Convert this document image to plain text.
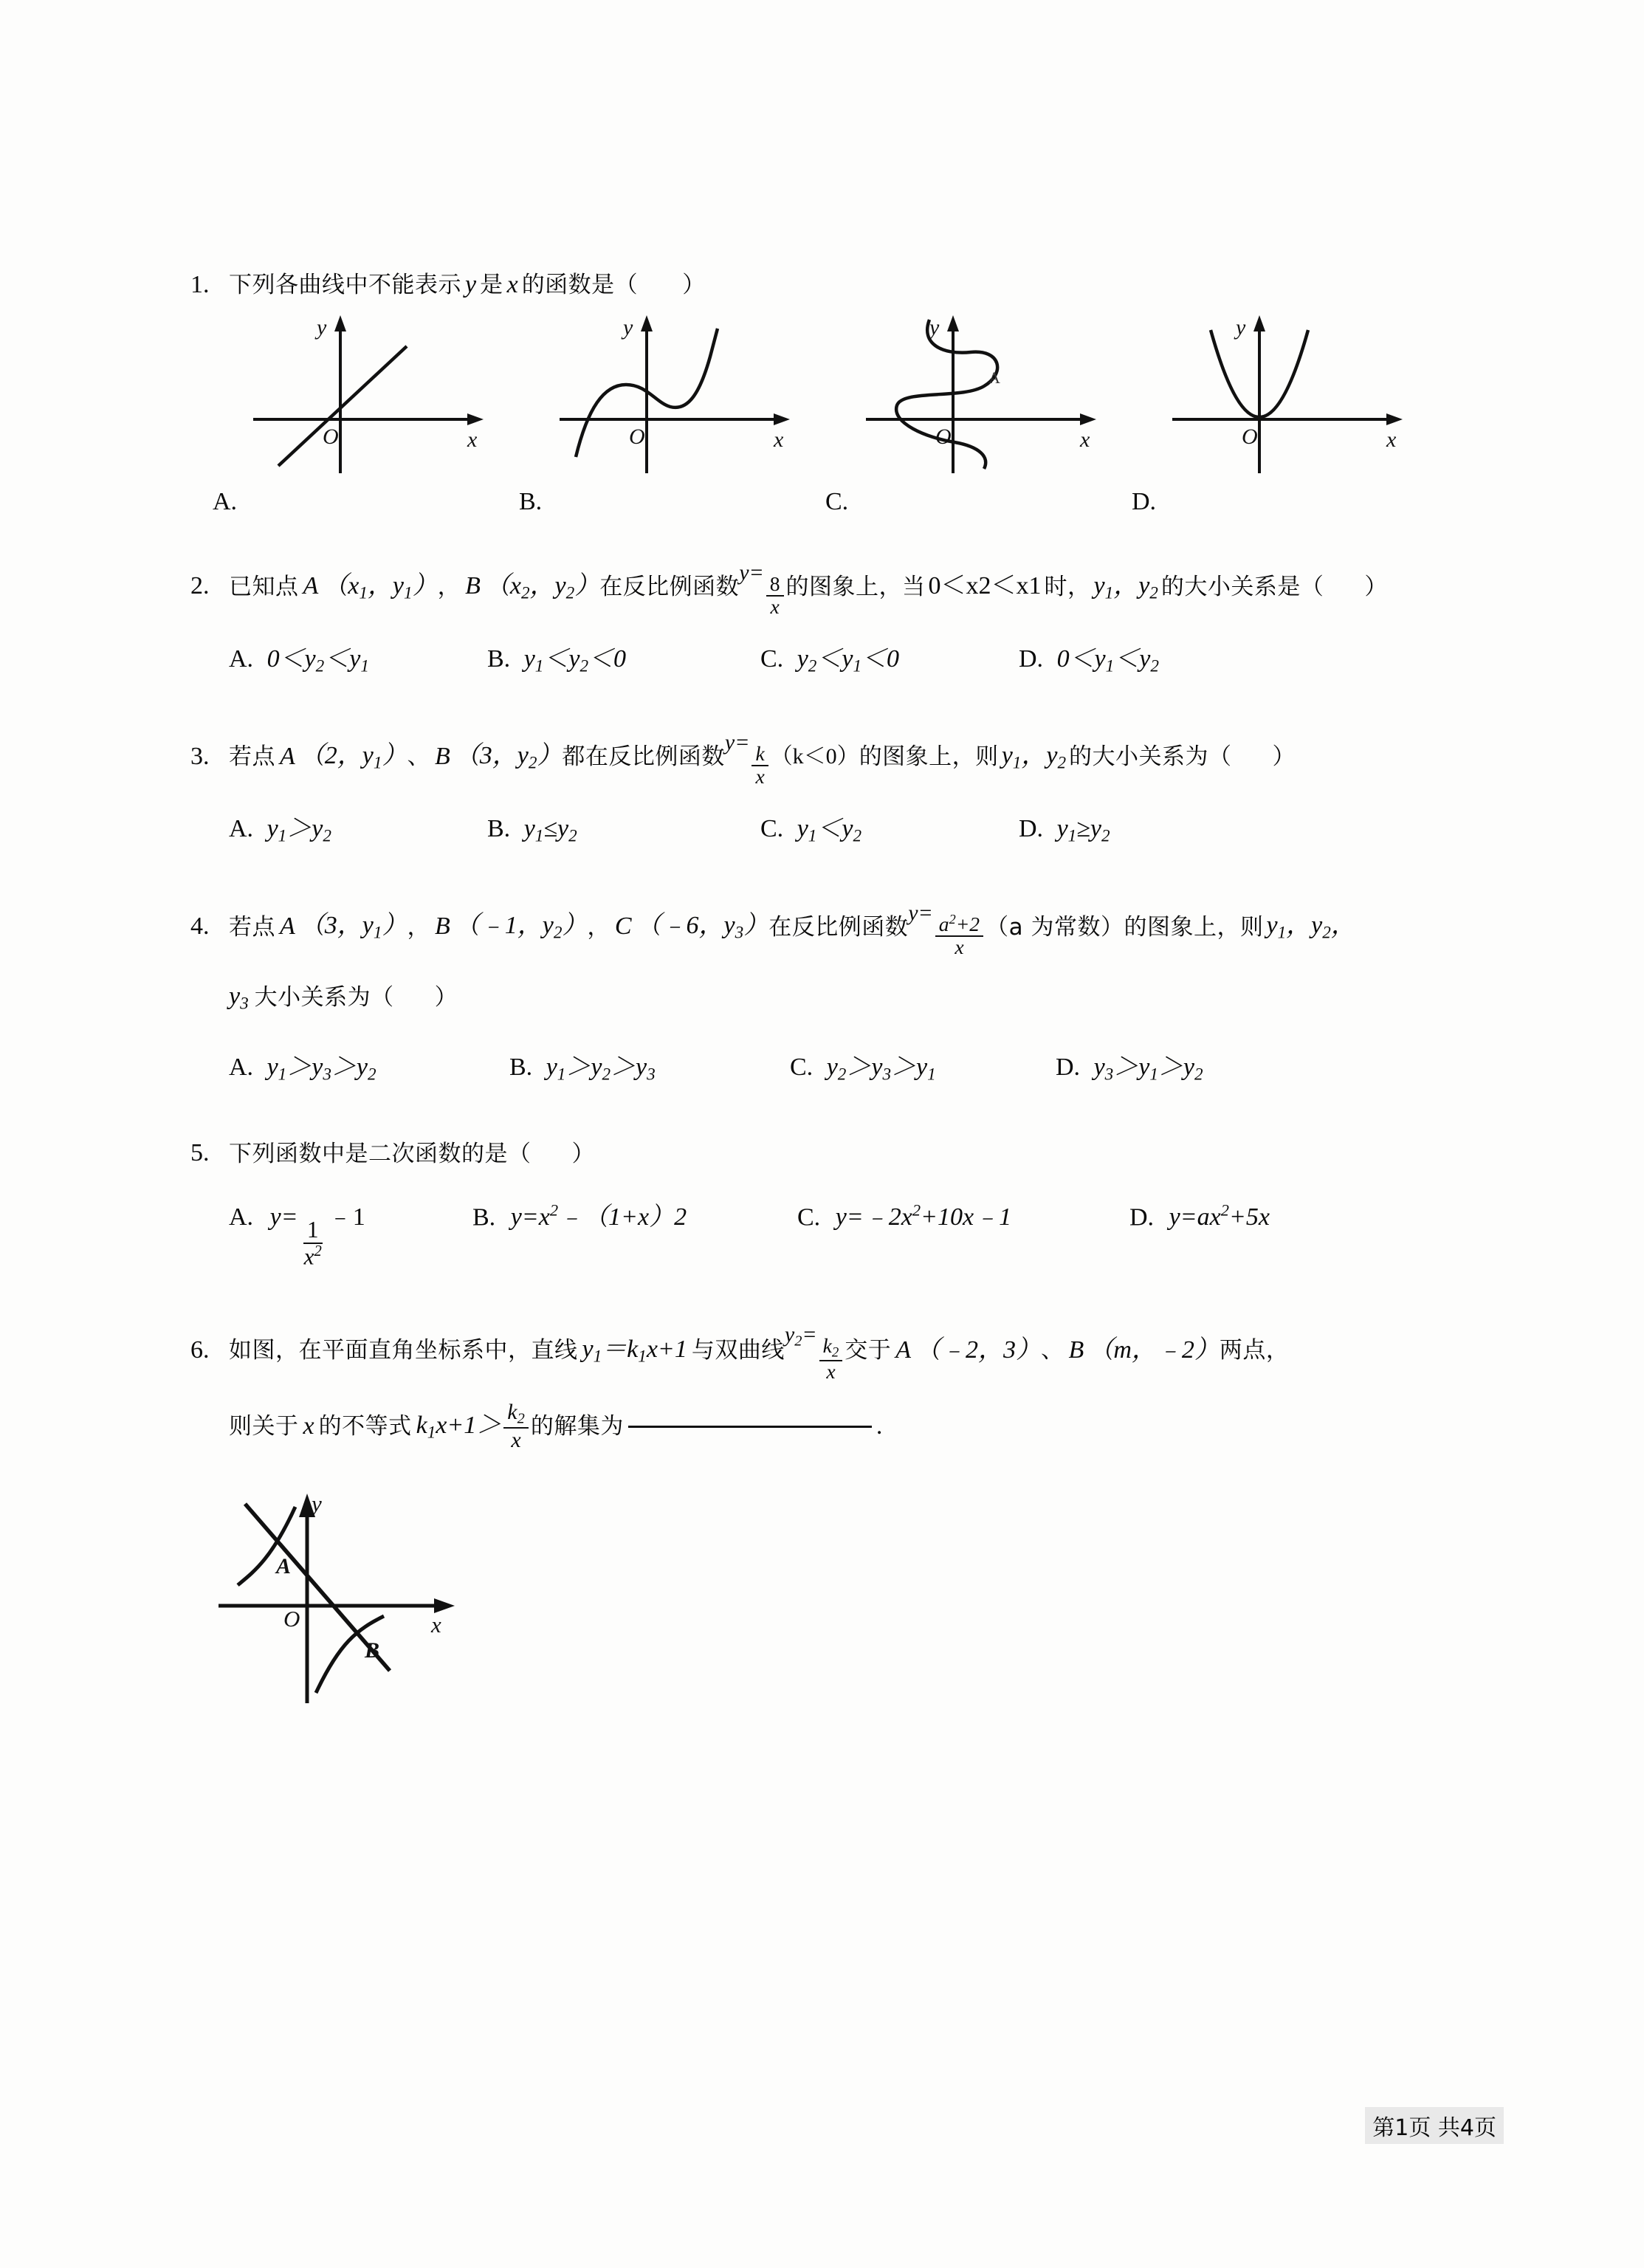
1. 下列各曲线中不能表示 y 是 x 的函数是（	）
O	x
y
A.
O	x
y
B.
O	x
y
A
C.
O	x
y
D.
2. 已知点 A （$x_1$，$y_1$） ， B （$x_2$，$y_2$） 在反比例函数
y=
$\frac{8}{x}$ 的图象上，当 0＜x2＜x1 时， $y_1$，$y_2$ 的大小关系是（	）
A. $0<y_2<y_1$	B. $y_1<y_2<0$	C. $y_2<y_1<0$	D. $0<y_1<y_2$
3. 若点 A （2，$y_1$） 、 B （3，$y_2$） 都在反比例函数
y=
$\frac{k}{x} (k<0)$ 的图象上，则 $y_1$，$y_2$ 的大小关系为（	）
A. $y_1>y_2$	B. $y_1\le y_2$	C. $y_1<y_2$	D. $y_1\ge y_2$
4. 若点 A （3，$y_1$） ， B （﹣1，$y_2$） ， C （﹣6，$y_3$） 在反比例函数
$y= \frac{a^2+2}{x} (a$ 为常数） 的图象上，则 $y_1$，$y_2$，
$y_3$ 大小关系为（	）
A. $y_1>y_3>y_2$	B. $y_1>y_2>y_3$	C. $y_2>y_3>y_1$	D. $y_3>y_1>y_2$
5. 下列函数中是二次函数的是（	）
A. y=
$\frac{1}{x^2}$
﹣1	B. $y=x^2﹣(1+x)2$	C. $y=﹣2x^2+10x﹣1$	D. $y=ax^2+5x$
6. 如图，在平面直角坐标系中，直线 $y_1=k_1x+1$ 与双曲线
$y_2=$
$\frac{k_2}{x}$ 交于 A （﹣2，3） 、 B （m，﹣2） 两点，
则关于 x 的不等式 $k_1x+1> \frac{k_2}{x}$ 的解集为	.
O	x
y
A
B
第1页 共4页
